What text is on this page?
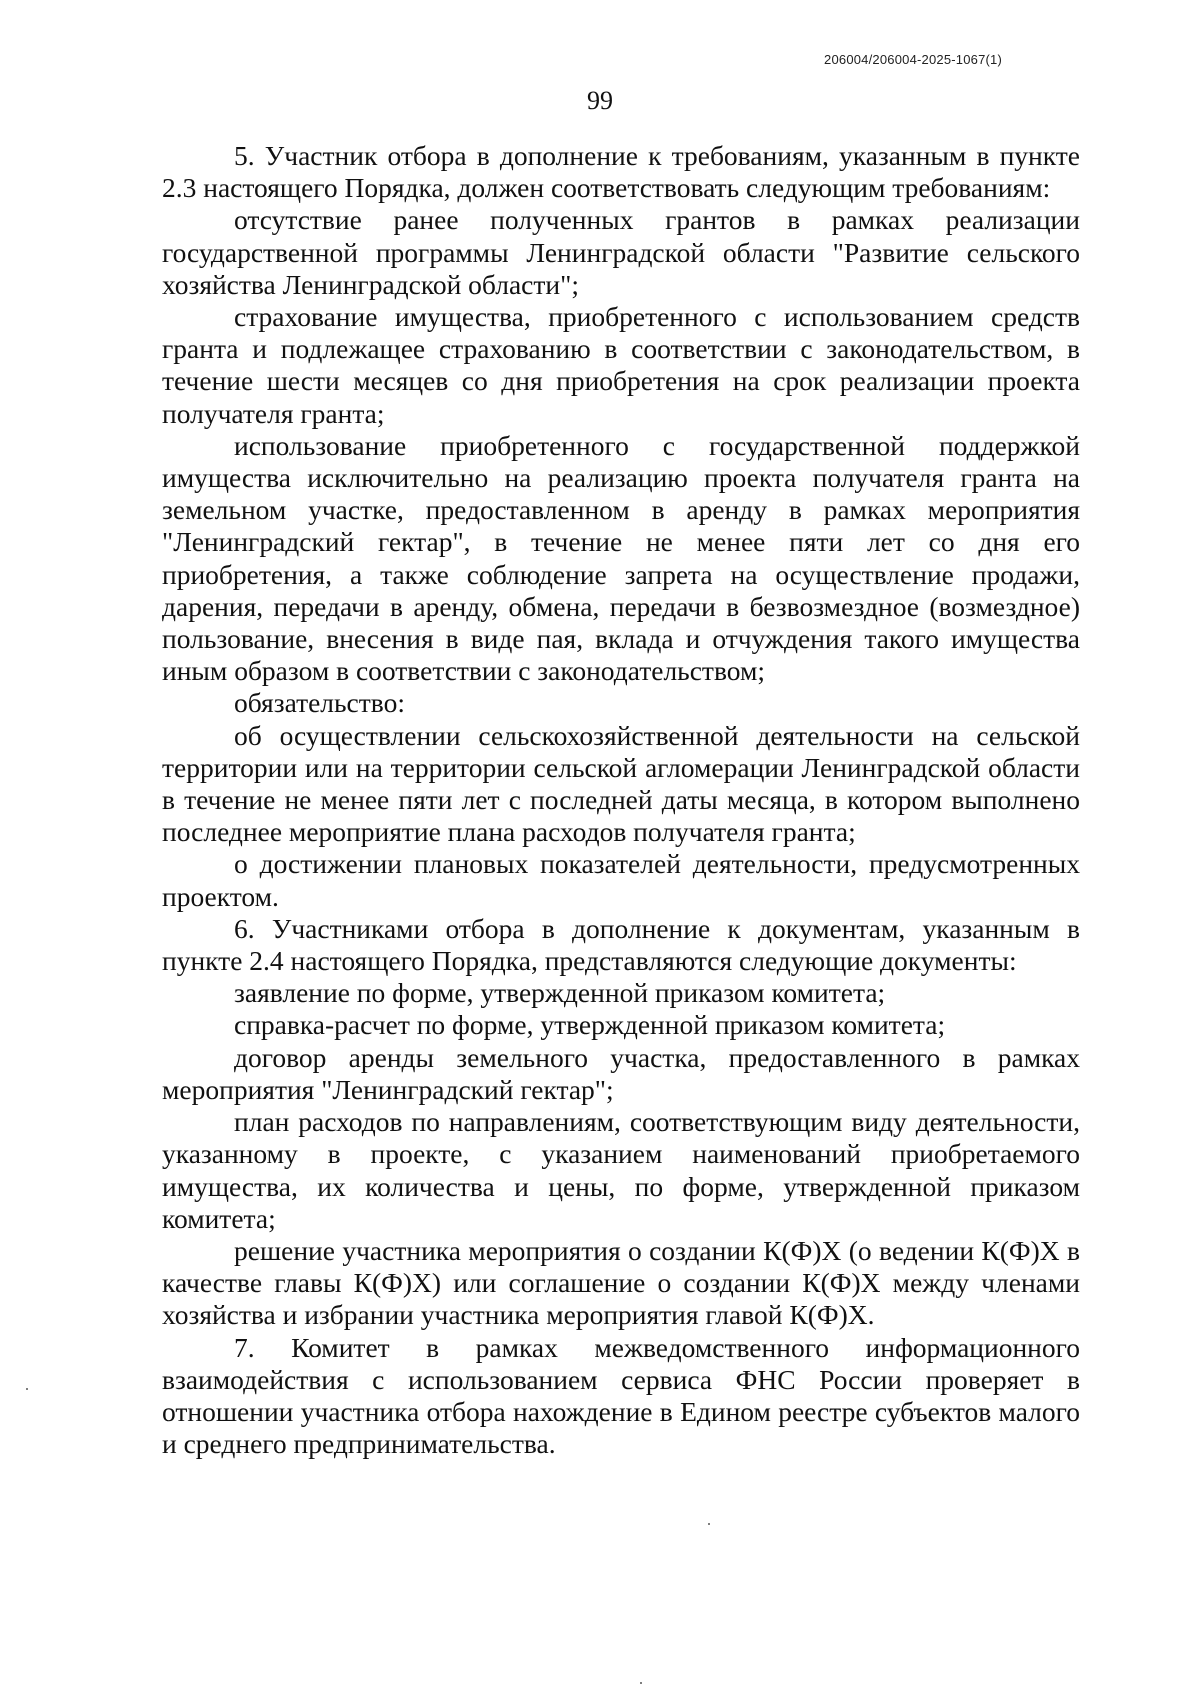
206004/206004-2025-1067(1)
99

5. Участник отбора в дополнение к требованиям, указанным в пункте 2.3 настоящего Порядка, должен соответствовать следующим требованиям:

отсутствие ранее полученных грантов в рамках реализации государственной программы Ленинградской области "Развитие сельского хозяйства Ленинградской области";

страхование имущества, приобретенного с использованием средств гранта и подлежащее страхованию в соответствии с законодательством, в течение шести месяцев со дня приобретения на срок реализации проекта получателя гранта;

использование приобретенного с государственной поддержкой имущества исключительно на реализацию проекта получателя гранта на земельном участке, предоставленном в аренду в рамках мероприятия "Ленинградский гектар", в течение не менее пяти лет со дня его приобретения, а также соблюдение запрета на осуществление продажи, дарения, передачи в аренду, обмена, передачи в безвозмездное (возмездное) пользование, внесения в виде пая, вклада и отчуждения такого имущества иным образом в соответствии с законодательством;

обязательство:

об осуществлении сельскохозяйственной деятельности на сельской территории или на территории сельской агломерации Ленинградской области в течение не менее пяти лет с последней даты месяца, в котором выполнено последнее мероприятие плана расходов получателя гранта;

о достижении плановых показателей деятельности, предусмотренных проектом.

6. Участниками отбора в дополнение к документам, указанным в пункте 2.4 настоящего Порядка, представляются следующие документы:

заявление по форме, утвержденной приказом комитета;

справка-расчет по форме, утвержденной приказом комитета;

договор аренды земельного участка, предоставленного в рамках мероприятия "Ленинградский гектар";

план расходов по направлениям, соответствующим виду деятельности, указанному в проекте, с указанием наименований приобретаемого имущества, их количества и цены, по форме, утвержденной приказом комитета;

решение участника мероприятия о создании К(Ф)Х (о ведении К(Ф)Х в качестве главы К(Ф)Х) или соглашение о создании К(Ф)Х между членами хозяйства и избрании участника мероприятия главой К(Ф)Х.

7. Комитет в рамках межведомственного информационного взаимодействия с использованием сервиса ФНС России проверяет в отношении участника отбора нахождение в Едином реестре субъектов малого и среднего предпринимательства.
